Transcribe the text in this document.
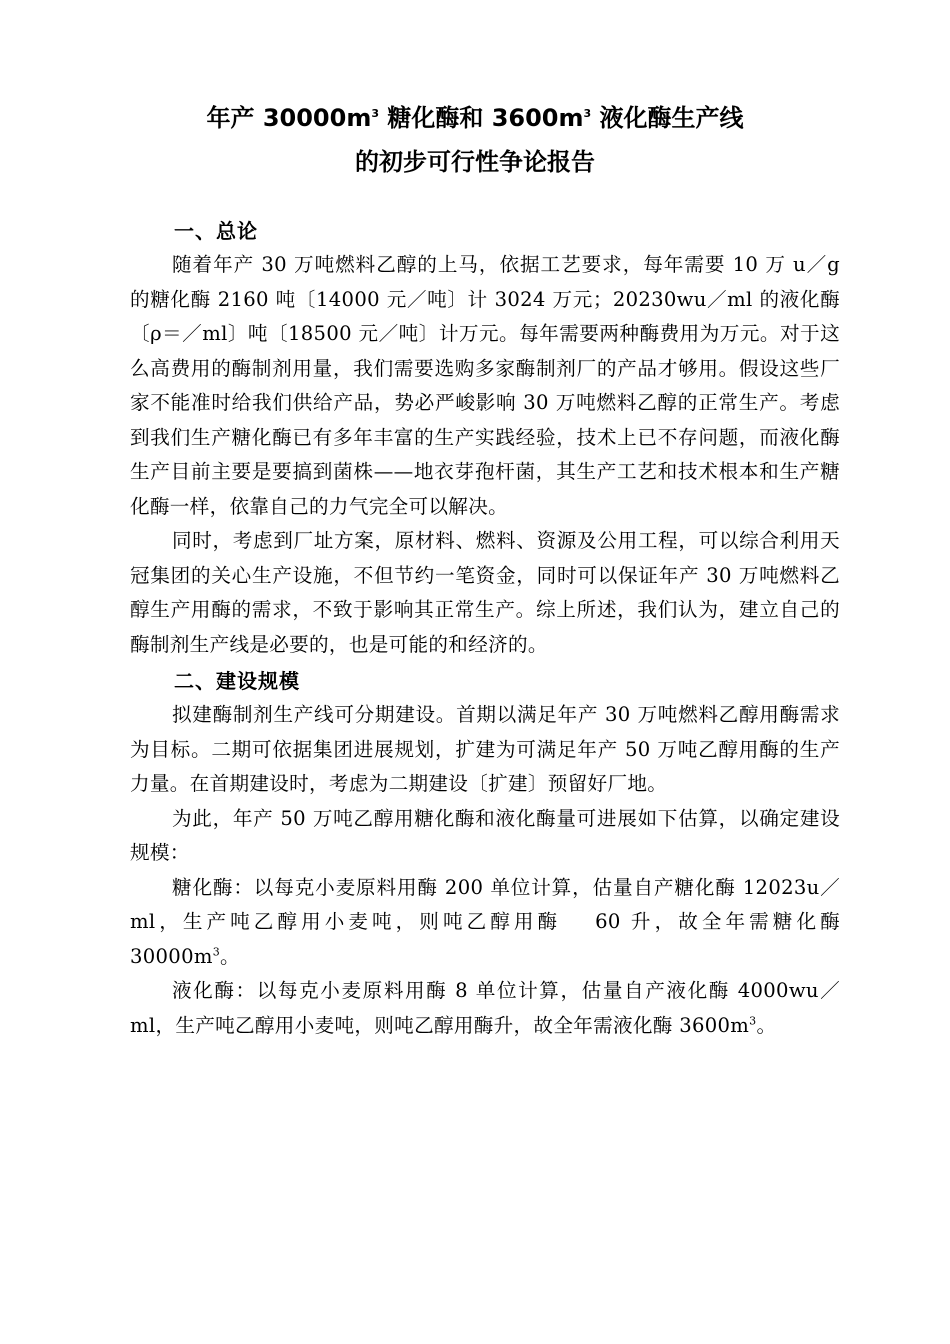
年产 $30000m^3$ 糖化酶和 $3600m^3$ 液化酶生产线
的初步可行性争论报告
一、总论

随着年产 30 万吨燃料乙醇的上马，依据工艺要求，每年需要 10 万 u／g 的糖化酶 2160 吨〔14000 元／吨〕计 3024 万元；20230wu／ml 的液化酶〔ρ＝／ml〕吨〔18500 元／吨〕计万元。每年需要两种酶费用为万元。对于这么高费用的酶制剂用量，我们需要选购多家酶制剂厂的产品才够用。假设这些厂家不能准时给我们供给产品，势必严峻影响 30 万吨燃料乙醇的正常生产。考虑到我们生产糖化酶已有多年丰富的生产实践经验，技术上已不存问题，而液化酶生产目前主要是要搞到菌株——地衣芽孢杆菌，其生产工艺和技术根本和生产糖化酶一样，依靠自己的力气完全可以解决。

同时，考虑到厂址方案，原材料、燃料、资源及公用工程，可以综合利用天冠集团的关心生产设施，不但节约一笔资金，同时可以保证年产 30 万吨燃料乙醇生产用酶的需求，不致于影响其正常生产。综上所述，我们认为，建立自己的酶制剂生产线是必要的，也是可能的和经济的。

二、建设规模

拟建酶制剂生产线可分期建设。首期以满足年产 30 万吨燃料乙醇用酶需求为目标。二期可依据集团进展规划，扩建为可满足年产 50 万吨乙醇用酶的生产力量。在首期建设时，考虑为二期建设〔扩建〕预留好厂地。

为此，年产 50 万吨乙醇用糖化酶和液化酶量可进展如下估算，以确定建设规模：

糖化酶：以每克小麦原料用酶 200 单位计算，估量自产糖化酶 12023u／ml，生产吨乙醇用小麦吨，则吨乙醇用酶　 60 升，故全年需糖化酶 $30000m^3$。

液化酶：以每克小麦原料用酶 8 单位计算，估量自产液化酶 4000wu／ml，生产吨乙醇用小麦吨，则吨乙醇用酶升，故全年需液化酶 $3600m^3$。
